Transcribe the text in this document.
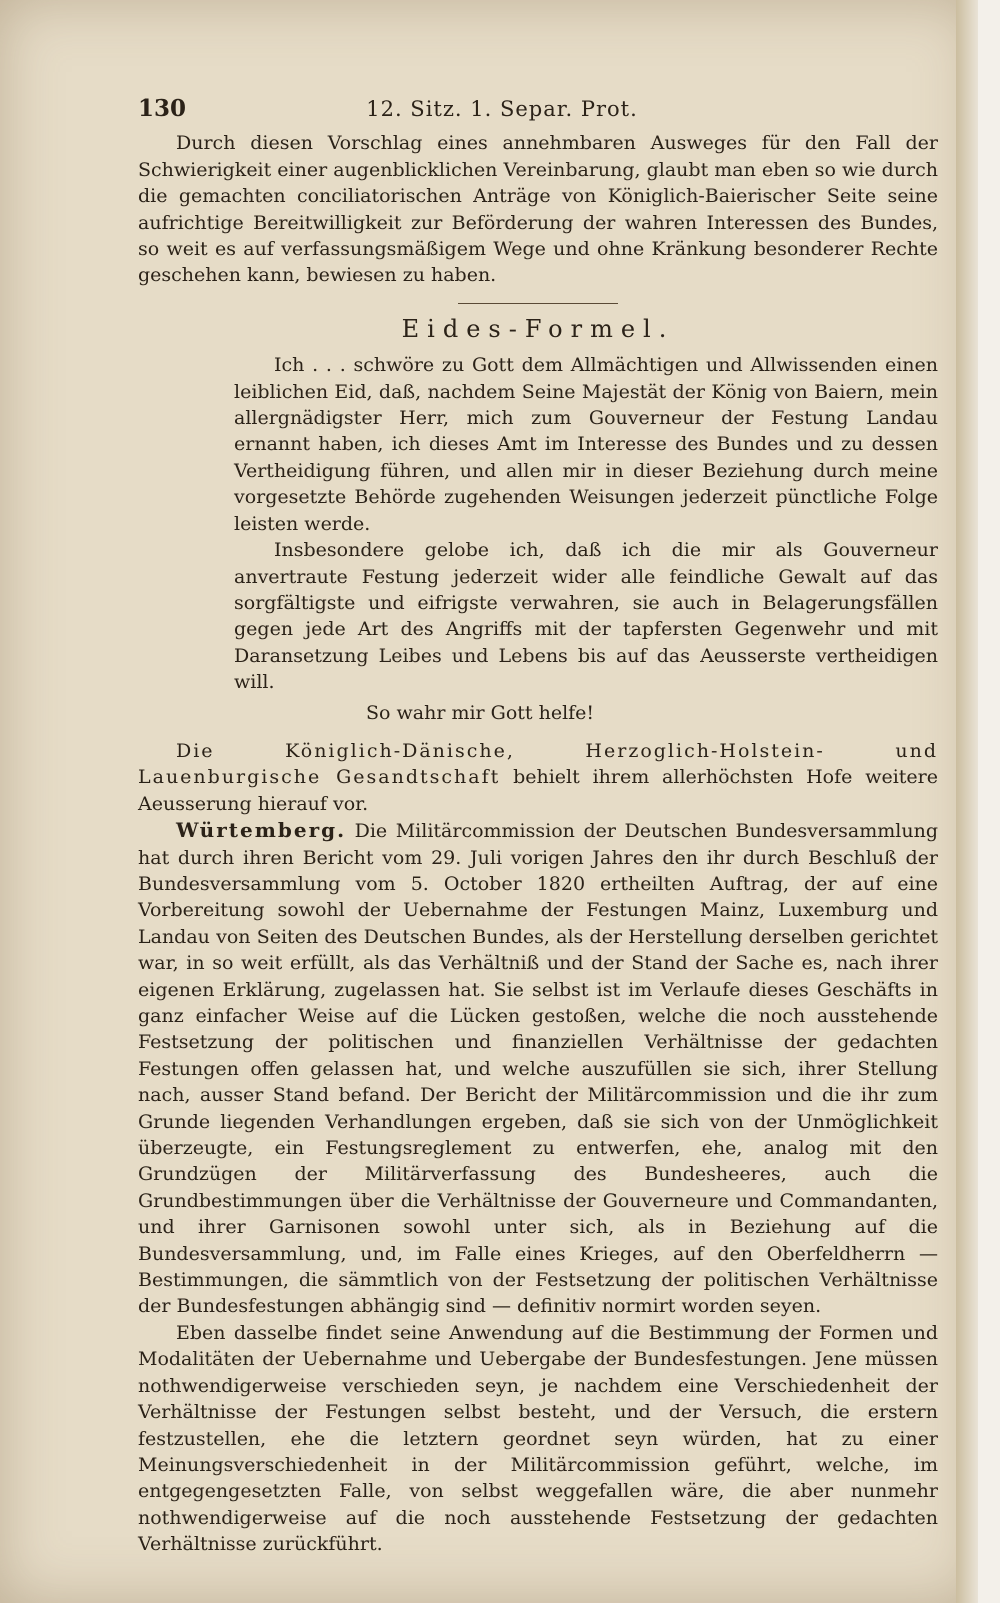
130	12. Sitz. 1. Separ. Prot.

Durch diesen Vorschlag eines annehmbaren Ausweges für den Fall der Schwierigkeit einer augenblicklichen Vereinbarung, glaubt man eben so wie durch die gemachten conciliatorischen Anträge von Königlich-Baierischer Seite seine aufrichtige Bereitwilligkeit zur Beförderung der wahren Interessen des Bundes, so weit es auf verfassungsmäßigem Wege und ohne Kränkung besonderer Rechte geschehen kann, bewiesen zu haben.

Eides-Formel.

Ich . . . schwöre zu Gott dem Allmächtigen und Allwissenden einen leiblichen Eid, daß, nachdem Seine Majestät der König von Baiern, mein allergnädigster Herr, mich zum Gouverneur der Festung Landau ernannt haben, ich dieses Amt im Interesse des Bundes und zu dessen Vertheidigung führen, und allen mir in dieser Beziehung durch meine vorgesetzte Behörde zugehenden Weisungen jederzeit pünctliche Folge leisten werde.

Insbesondere gelobe ich, daß ich die mir als Gouverneur anvertraute Festung jederzeit wider alle feindliche Gewalt auf das sorgfältigste und eifrigste verwahren, sie auch in Belagerungsfällen gegen jede Art des Angriffs mit der tapfersten Gegenwehr und mit Daransetzung Leibes und Lebens bis auf das Aeusserste vertheidigen will.

So wahr mir Gott helfe!

Die Königlich-Dänische, Herzoglich-Holstein- und Lauenburgische Gesandtschaft behielt ihrem allerhöchsten Hofe weitere Aeusserung hierauf vor.

Würtemberg. Die Militärcommission der Deutschen Bundesversammlung hat durch ihren Bericht vom 29. Juli vorigen Jahres den ihr durch Beschluß der Bundesversammlung vom 5. October 1820 ertheilten Auftrag, der auf eine Vorbereitung sowohl der Uebernahme der Festungen Mainz, Luxemburg und Landau von Seiten des Deutschen Bundes, als der Herstellung derselben gerichtet war, in so weit erfüllt, als das Verhältniß und der Stand der Sache es, nach ihrer eigenen Erklärung, zugelassen hat. Sie selbst ist im Verlaufe dieses Geschäfts in ganz einfacher Weise auf die Lücken gestoßen, welche die noch ausstehende Festsetzung der politischen und finanziellen Verhältnisse der gedachten Festungen offen gelassen hat, und welche auszufüllen sie sich, ihrer Stellung nach, ausser Stand befand. Der Bericht der Militärcommission und die ihr zum Grunde liegenden Verhandlungen ergeben, daß sie sich von der Unmöglichkeit überzeugte, ein Festungsreglement zu entwerfen, ehe, analog mit den Grundzügen der Militärverfassung des Bundesheeres, auch die Grundbestimmungen über die Verhältnisse der Gouverneure und Commandanten, und ihrer Garnisonen sowohl unter sich, als in Beziehung auf die Bundesversammlung, und, im Falle eines Krieges, auf den Oberfeldherrn — Bestimmungen, die sämmtlich von der Festsetzung der politischen Verhältnisse der Bundesfestungen abhängig sind — definitiv normirt worden seyen.

Eben dasselbe findet seine Anwendung auf die Bestimmung der Formen und Modalitäten der Uebernahme und Uebergabe der Bundesfestungen. Jene müssen nothwendigerweise verschieden seyn, je nachdem eine Verschiedenheit der Verhältnisse der Festungen selbst besteht, und der Versuch, die erstern festzustellen, ehe die letztern geordnet seyn würden, hat zu einer Meinungsverschiedenheit in der Militärcommission geführt, welche, im entgegengesetzten Falle, von selbst weggefallen wäre, die aber nunmehr nothwendigerweise auf die noch ausstehende Festsetzung der gedachten Verhältnisse zurückführt.
